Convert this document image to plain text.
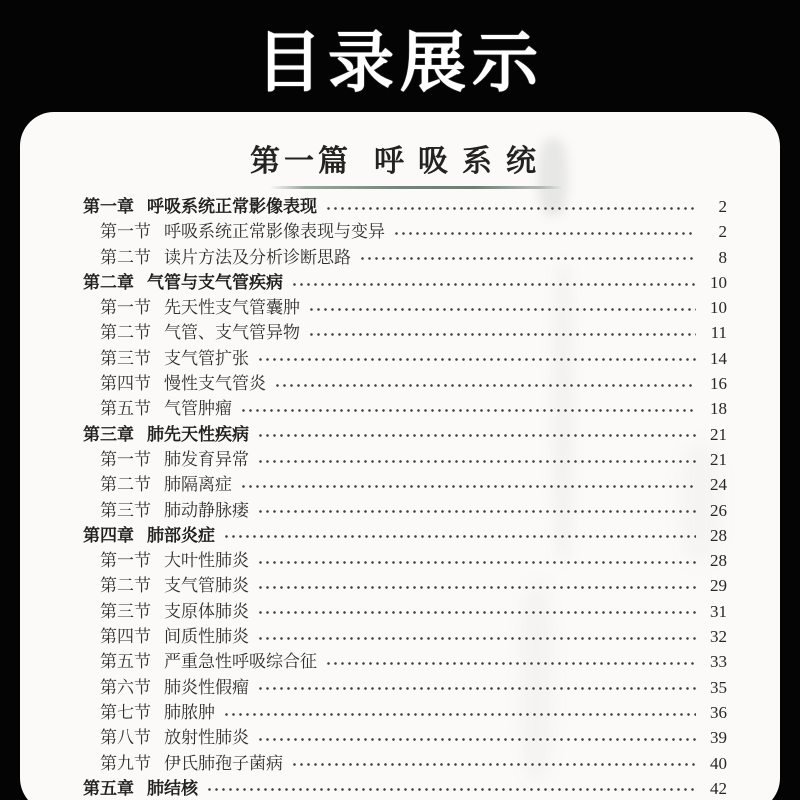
目录展示
第一篇 呼吸系统
第一章 呼吸系统正常影像表现	2
第一节 呼吸系统正常影像表现与变异	2
第二节 读片方法及分析诊断思路	8
第二章 气管与支气管疾病	10
第一节 先天性支气管囊肿	10
第二节 气管、支气管异物	11
第三节 支气管扩张	14
第四节 慢性支气管炎	16
第五节 气管肿瘤	18
第三章 肺先天性疾病	21
第一节 肺发育异常	21
第二节 肺隔离症	24
第三节 肺动静脉瘘	26
第四章 肺部炎症	28
第一节 大叶性肺炎	28
第二节 支气管肺炎	29
第三节 支原体肺炎	31
第四节 间质性肺炎	32
第五节 严重急性呼吸综合征	33
第六节 肺炎性假瘤	35
第七节 肺脓肿	36
第八节 放射性肺炎	39
第九节 伊氏肺孢子菌病	40
第五章 肺结核	42
